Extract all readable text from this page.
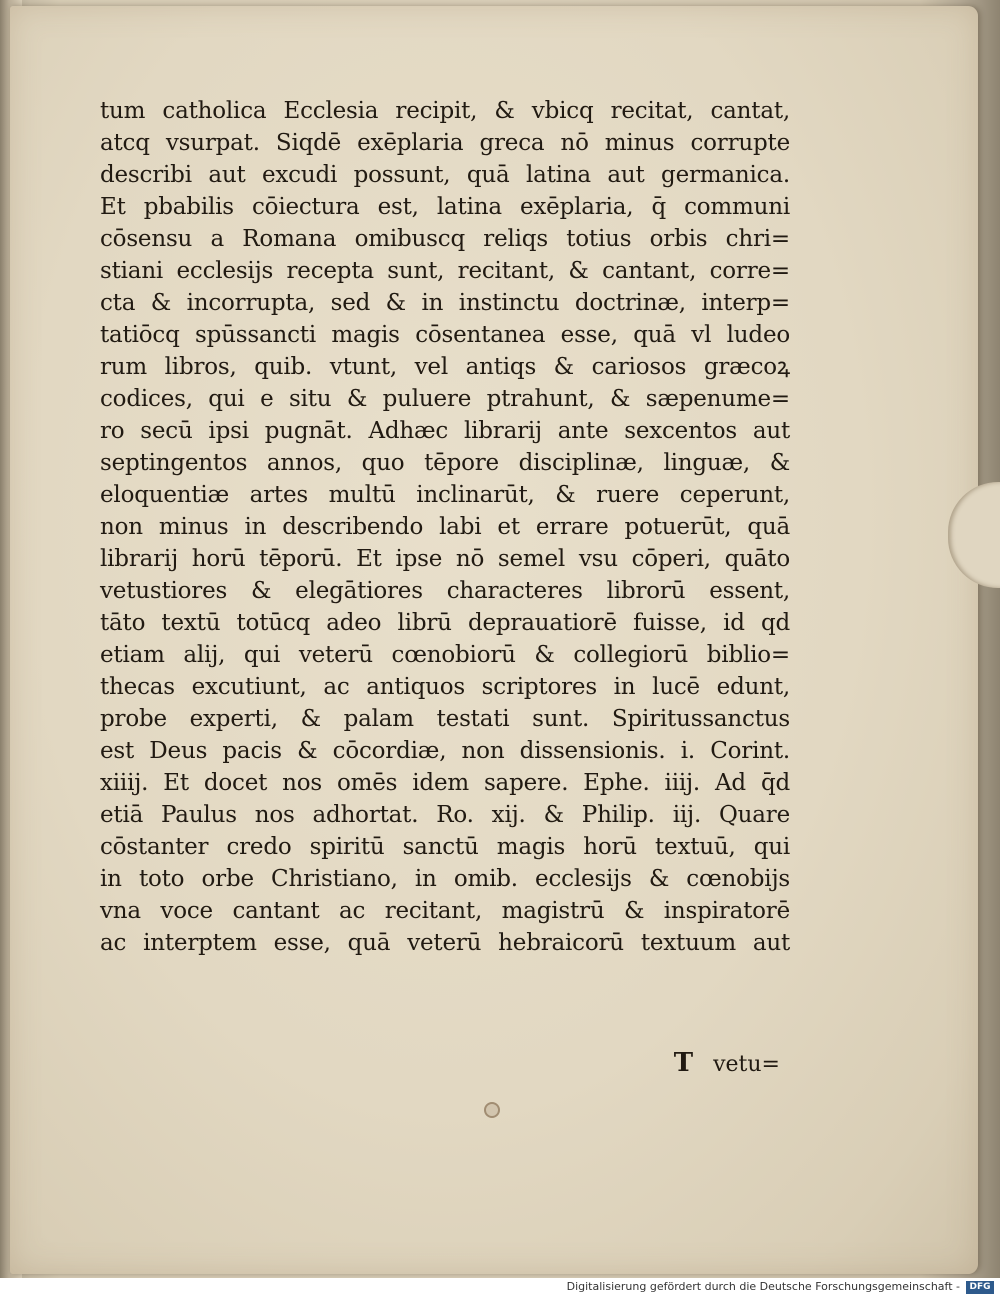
tum catholica Ecclesia recipit, & vbicq recitat, cantat,
atcq vsurpat. Siqdē exēplaria greca nō minus corrupte
describi aut excudi possunt, quā latina aut germanica.
Et pbabilis cōiectura est, latina exēplaria, q̄ communi
cōsensu a Romana omibuscq reliqs totius orbis chri=
stiani ecclesijs recepta sunt, recitant, & cantant, corre=
cta & incorrupta, sed & in instinctu doctrinæ, interp=
tatiōcq spūssancti magis cōsentanea esse, quā vl ludeo
rum libros, quib. vtunt, vel antiqs & cariosos græcoꝝ
codices, qui e situ & puluere ptrahunt, & sæpenume=
ro secū ipsi pugnāt. Adhæc librarij ante sexcentos aut
septingentos annos, quo tēpore disciplinæ, linguæ, &
eloquentiæ artes multū inclinarūt, & ruere ceperunt,
non minus in describendo labi et errare potuerūt, quā
librarij horū tēporū. Et ipse nō semel vsu cōperi, quāto
vetustiores & elegātiores characteres librorū essent,
tāto textū totūcq adeo librū deprauatiorē fuisse, id qd
etiam alij, qui veterū cœnobiorū & collegiorū biblio=
thecas excutiunt, ac antiquos scriptores in lucē edunt,
probe experti, & palam testati sunt. Spiritussanctus
est Deus pacis & cōcordiæ, non dissensionis. i. Corint.
xiiij. Et docet nos omēs idem sapere. Ephe. iiij. Ad q̄d
etiā Paulus nos adhortat. Ro. xij. & Philip. iij. Quare
cōstanter credo spiritū sanctū magis horū textuū, qui
in toto orbe Christiano, in omib. ecclesijs & cœnobijs
vna voce cantant ac recitant, magistrū & inspiratorē
ac interptem esse, quā veterū hebraicorū textuum aut
T vetu=
Digitalisierung gefördert durch die Deutsche Forschungsgemeinschaft -	DFG
